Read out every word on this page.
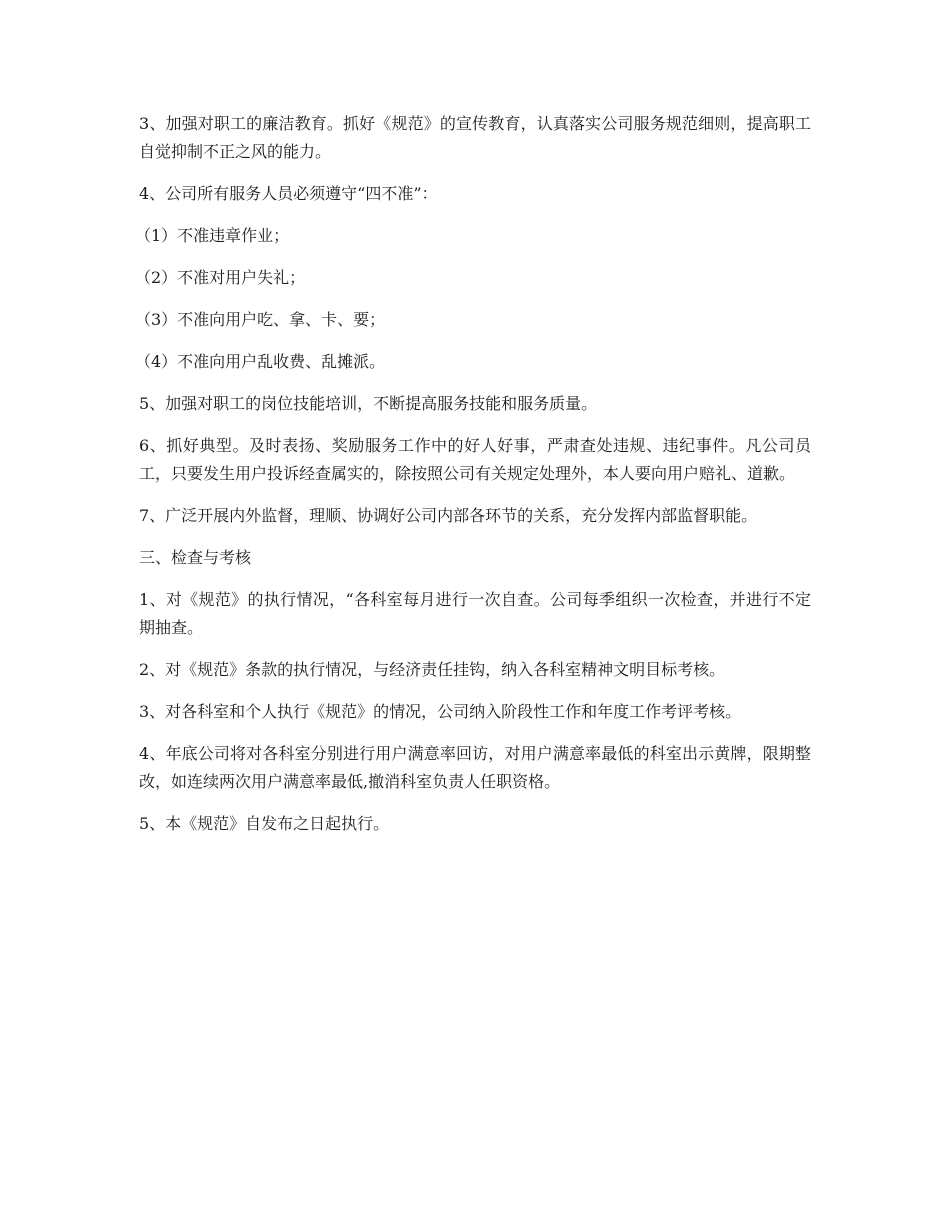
3、加强对职工的廉洁教育。抓好《规范》的宣传教育，认真落实公司服务规范细则，提高职工自觉抑制不正之风的能力。

4、公司所有服务人员必须遵守“四不准”：

（1）不准违章作业；

（2）不准对用户失礼；

（3）不准向用户吃、拿、卡、要；

（4）不准向用户乱收费、乱摊派。

5、加强对职工的岗位技能培训，不断提高服务技能和服务质量。

6、抓好典型。及时表扬、奖励服务工作中的好人好事，严肃查处违规、违纪事件。凡公司员工，只要发生用户投诉经查属实的，除按照公司有关规定处理外，本人要向用户赔礼、道歉。

7、广泛开展内外监督，理顺、协调好公司内部各环节的关系，充分发挥内部监督职能。

三、检查与考核

1、对《规范》的执行情况，“各科室每月进行一次自查。公司每季组织一次检查，并进行不定期抽查。

2、对《规范》条款的执行情况，与经济责任挂钩，纳入各科室精神文明目标考核。

3、对各科室和个人执行《规范》的情况，公司纳入阶段性工作和年度工作考评考核。

4、年底公司将对各科室分别进行用户满意率回访，对用户满意率最低的科室出示黄牌，限期整改，如连续两次用户满意率最低,撤消科室负责人任职资格。

5、本《规范》自发布之日起执行。
